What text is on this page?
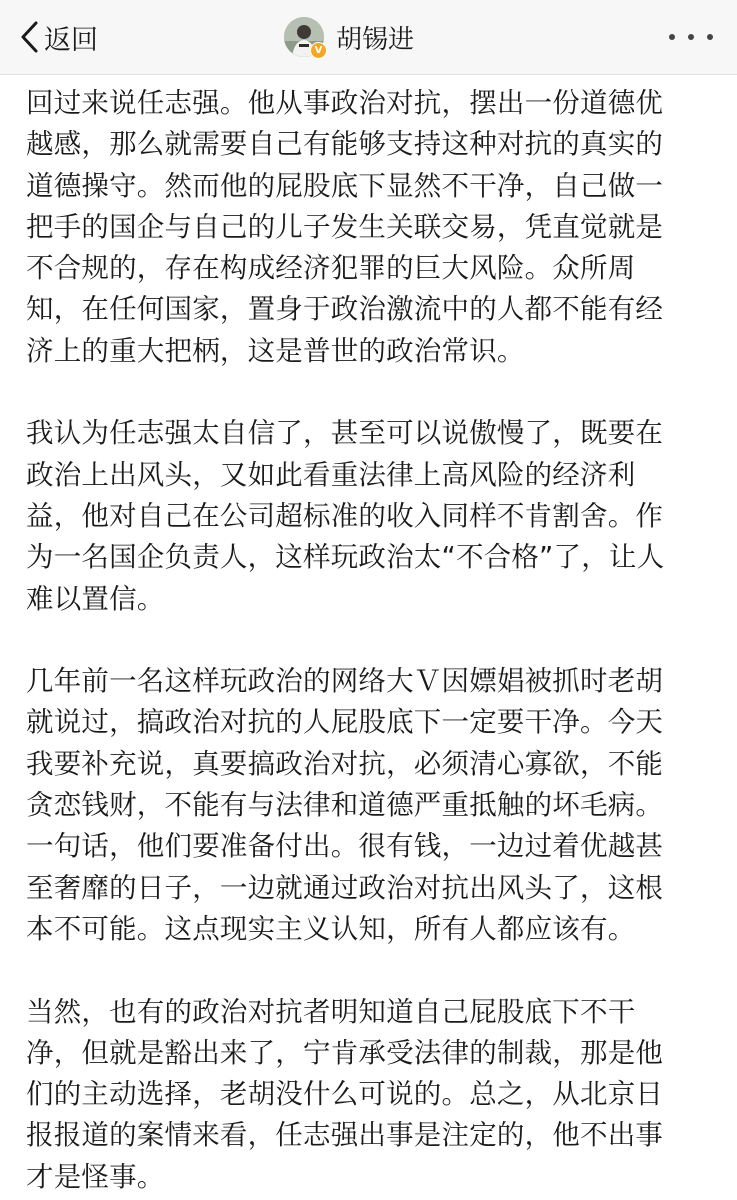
返回	V 胡锡进

回过来说任志强。他从事政治对抗，摆出一份道德优
越感，那么就需要自己有能够支持这种对抗的真实的
道德操守。然而他的屁股底下显然不干净，自己做一
把手的国企与自己的儿子发生关联交易，凭直觉就是
不合规的，存在构成经济犯罪的巨大风险。众所周
知，在任何国家，置身于政治激流中的人都不能有经
济上的重大把柄，这是普世的政治常识。

我认为任志强太自信了，甚至可以说傲慢了，既要在
政治上出风头，又如此看重法律上高风险的经济利
益，他对自己在公司超标准的收入同样不肯割舍。作
为一名国企负责人，这样玩政治太“不合格”了，让人
难以置信。

几年前一名这样玩政治的网络大Ｖ因嫖娼被抓时老胡
就说过，搞政治对抗的人屁股底下一定要干净。今天
我要补充说，真要搞政治对抗，必须清心寡欲，不能
贪恋钱财，不能有与法律和道德严重抵触的坏毛病。
一句话，他们要准备付出。很有钱，一边过着优越甚
至奢靡的日子，一边就通过政治对抗出风头了，这根
本不可能。这点现实主义认知，所有人都应该有。

当然，也有的政治对抗者明知道自己屁股底下不干
净，但就是豁出来了，宁肯承受法律的制裁，那是他
们的主动选择，老胡没什么可说的。总之，从北京日
报报道的案情来看，任志强出事是注定的，他不出事
才是怪事。
